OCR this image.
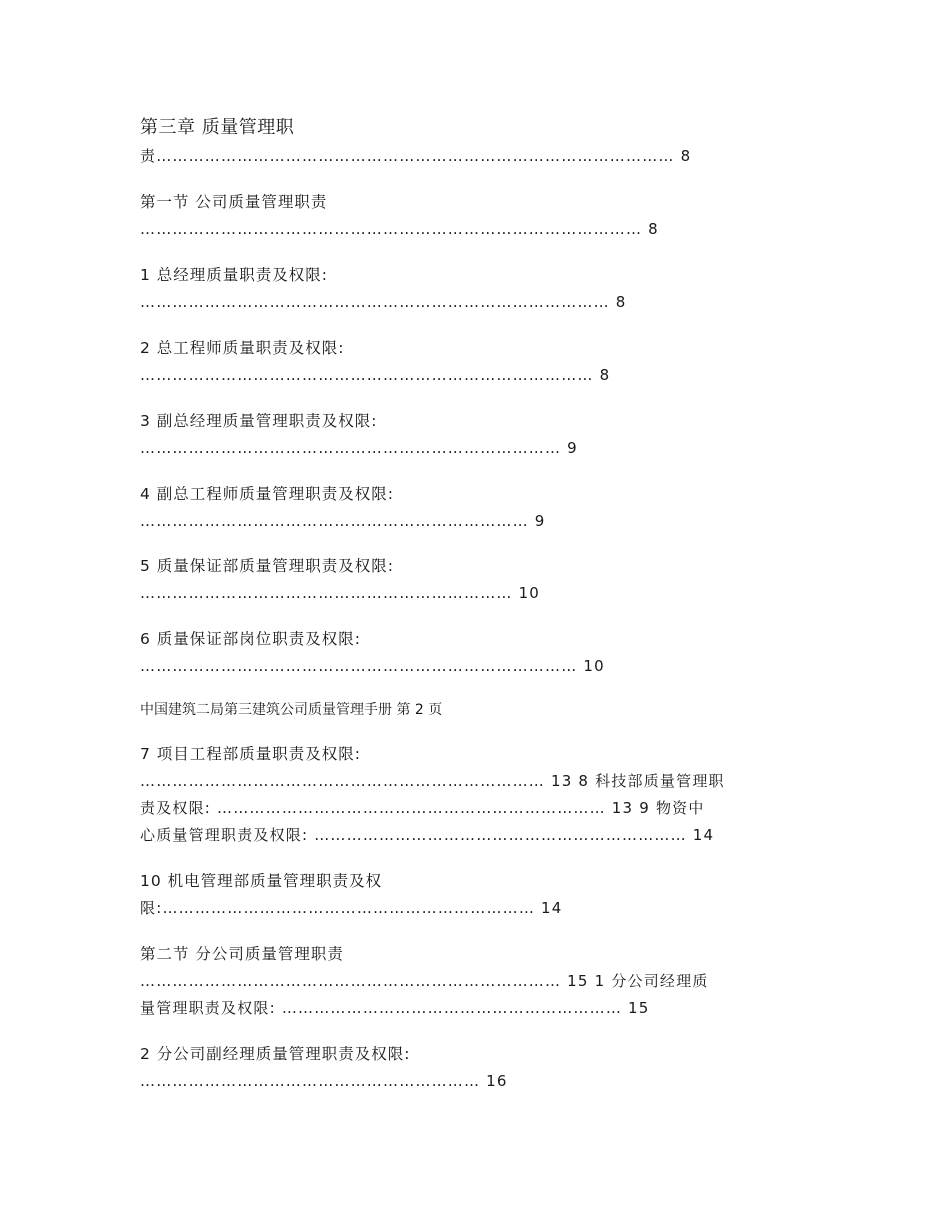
第三章 质量管理职
责…………………………………………………………………………………… 8
第一节 公司质量管理职责
………………………………………………………………………………… 8
1 总经理质量职责及权限:
…………………………………………………………………………… 8
2 总工程师质量职责及权限:
………………………………………………………………………… 8
3 副总经理质量管理职责及权限:
…………………………………………………………………… 9
4 副总工程师质量管理职责及权限:
……………………………………………………………… 9
5 质量保证部质量管理职责及权限:
…………………………………………………………… 10
6 质量保证部岗位职责及权限:
……………………………………………………………………… 10
中国建筑二局第三建筑公司质量管理手册 第 2 页
7 项目工程部质量职责及权限:
………………………………………………………………… 13 8 科技部质量管理职
责及权限: ……………………………………………………………… 13 9 物资中
心质量管理职责及权限: …………………………………………………………… 14
10 机电管理部质量管理职责及权
限:…………………………………………………………… 14
第二节 分公司质量管理职责
…………………………………………………………………… 15 1 分公司经理质
量管理职责及权限: ……………………………………………………… 15
2 分公司副经理质量管理职责及权限:
……………………………………………………… 16
